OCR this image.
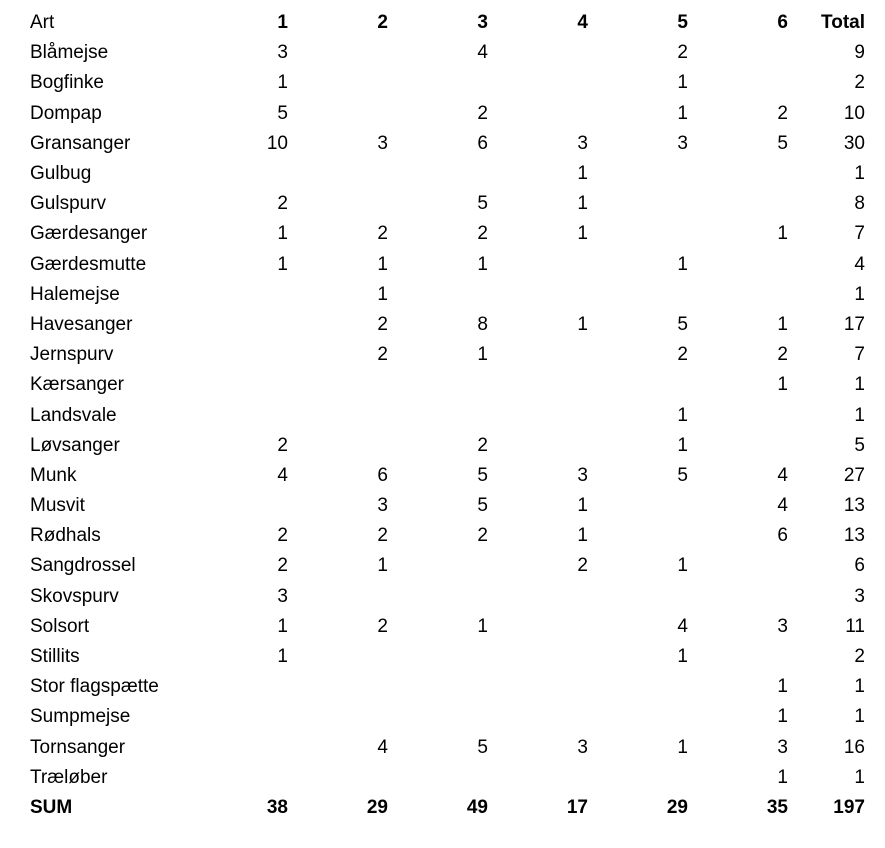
Art	1	2	3	4	5	6	Total
Blåmejse	3		4		2		9
Bogfinke	1				1		2
Dompap	5		2		1	2	10
Gransanger	10	3	6	3	3	5	30
Gulbug				1			1
Gulspurv	2		5	1			8
Gærdesanger	1	2	2	1		1	7
Gærdesmutte	1	1	1		1		4
Halemejse		1					1
Havesanger		2	8	1	5	1	17
Jernspurv		2	1		2	2	7
Kærsanger						1	1
Landsvale					1		1
Løvsanger	2		2		1		5
Munk	4	6	5	3	5	4	27
Musvit		3	5	1		4	13
Rødhals	2	2	2	1		6	13
Sangdrossel	2	1		2	1		6
Skovspurv	3						3
Solsort	1	2	1		4	3	11
Stillits	1				1		2
Stor flagspætte						1	1
Sumpmejse						1	1
Tornsanger		4	5	3	1	3	16
Træløber						1	1
SUM	38	29	49	17	29	35	197
